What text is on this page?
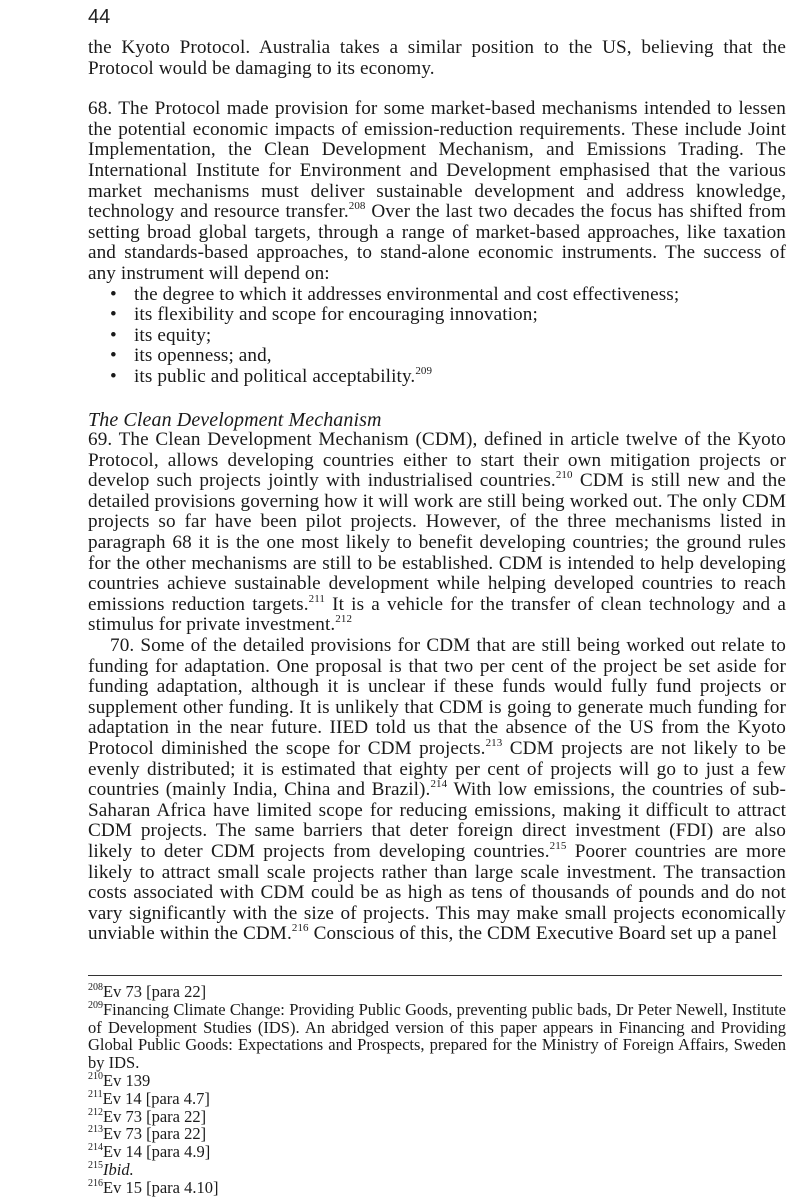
44

the Kyoto Protocol. Australia takes a similar position to the US, believing that the Protocol would be damaging to its economy.

68. The Protocol made provision for some market-based mechanisms intended to lessen the potential economic impacts of emission-reduction requirements. These include Joint Implementation, the Clean Development Mechanism, and Emissions Trading. The International Institute for Environment and Development emphasised that the various market mechanisms must deliver sustainable development and address knowledge, technology and resource transfer.$^{208}$ Over the last two decades the focus has shifted from setting broad global targets, through a range of market-based approaches, like taxation and standards-based approaches, to stand-alone economic instruments. The success of any instrument will depend on:

• the degree to which it addresses environmental and cost effectiveness;
• its flexibility and scope for encouraging innovation;
• its equity;
• its openness; and,
• its public and political acceptability.$^{209}$

The Clean Development Mechanism

69. The Clean Development Mechanism (CDM), defined in article twelve of the Kyoto Protocol, allows developing countries either to start their own mitigation projects or develop such projects jointly with industrialised countries.$^{210}$ CDM is still new and the detailed provisions governing how it will work are still being worked out. The only CDM projects so far have been pilot projects. However, of the three mechanisms listed in paragraph 68 it is the one most likely to benefit developing countries; the ground rules for the other mechanisms are still to be established. CDM is intended to help developing countries achieve sustainable development while helping developed countries to reach emissions reduction targets.$^{211}$ It is a vehicle for the transfer of clean technology and a stimulus for private investment.$^{212}$

70. Some of the detailed provisions for CDM that are still being worked out relate to funding for adaptation. One proposal is that two per cent of the project be set aside for funding adaptation, although it is unclear if these funds would fully fund projects or supplement other funding. It is unlikely that CDM is going to generate much funding for adaptation in the near future. IIED told us that the absence of the US from the Kyoto Protocol diminished the scope for CDM projects.$^{213}$ CDM projects are not likely to be evenly distributed; it is estimated that eighty per cent of projects will go to just a few countries (mainly India, China and Brazil).$^{214}$ With low emissions, the countries of sub-Saharan Africa have limited scope for reducing emissions, making it difficult to attract CDM projects. The same barriers that deter foreign direct investment (FDI) are also likely to deter CDM projects from developing countries.$^{215}$ Poorer countries are more likely to attract small scale projects rather than large scale investment. The transaction costs associated with CDM could be as high as tens of thousands of pounds and do not vary significantly with the size of projects. This may make small projects economically unviable within the CDM.$^{216}$ Conscious of this, the CDM Executive Board set up a panel

$^{208}$Ev 73 [para 22]

$^{209}$Financing Climate Change: Providing Public Goods, preventing public bads, Dr Peter Newell, Institute of Development Studies (IDS). An abridged version of this paper appears in Financing and Providing Global Public Goods: Expectations and Prospects, prepared for the Ministry of Foreign Affairs, Sweden by IDS.

$^{210}$Ev 139

$^{211}$Ev 14 [para 4.7]

$^{212}$Ev 73 [para 22]

$^{213}$Ev 73 [para 22]

$^{214}$Ev 14 [para 4.9]

$^{215}$Ibid.

$^{216}$Ev 15 [para 4.10]
